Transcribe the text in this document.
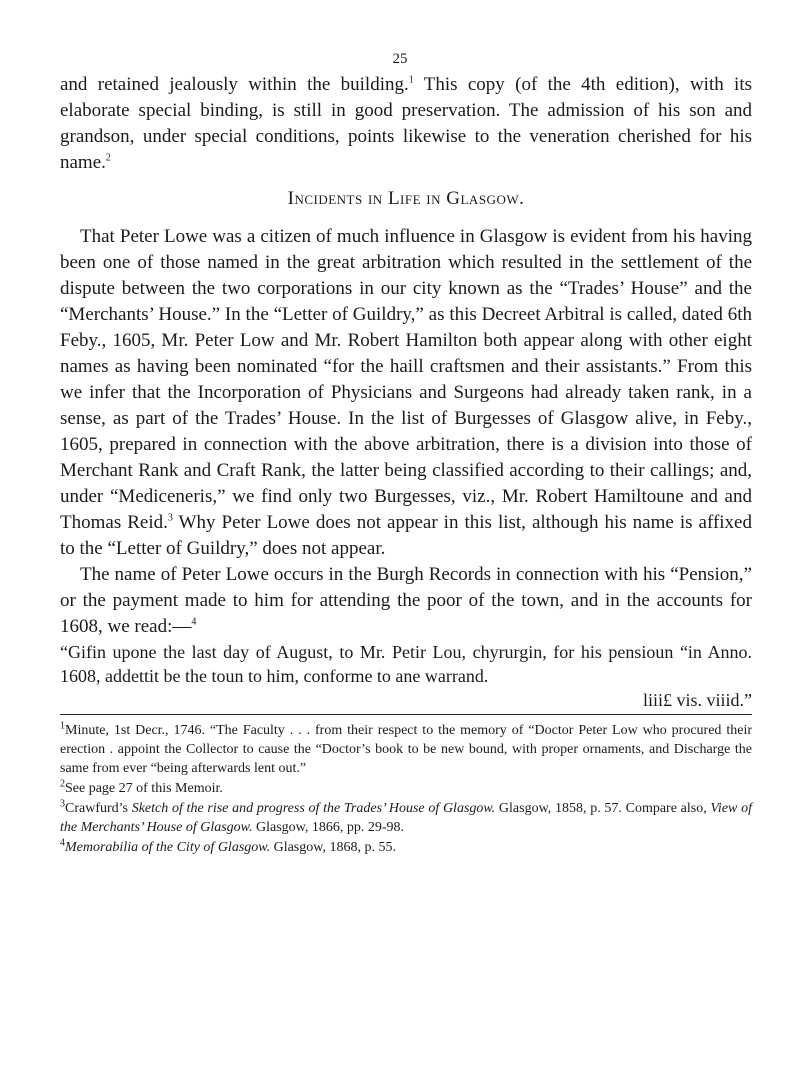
25

and retained jealously within the building.$^1$ This copy (of the 4th edition), with its elaborate special binding, is still in good preservation. The admission of his son and grandson, under special conditions, points likewise to the veneration cherished for his name.$^2$

Incidents in Life in Glasgow.

That Peter Lowe was a citizen of much influence in Glasgow is evident from his having been one of those named in the great arbitration which resulted in the settlement of the dispute between the two corporations in our city known as the “Trades’ House” and the “Merchants’ House.” In the “Letter of Guildry,” as this Decreet Arbitral is called, dated 6th Feby., 1605, Mr. Peter Low and Mr. Robert Hamilton both appear along with other eight names as having been nominated “for the haill craftsmen and their assistants.” From this we infer that the Incorporation of Physicians and Surgeons had already taken rank, in a sense, as part of the Trades’ House. In the list of Burgesses of Glasgow alive, in Feby., 1605, prepared in connection with the above arbitration, there is a division into those of Merchant Rank and Craft Rank, the latter being classified according to their callings; and, under “Mediceneris,” we find only two Burgesses, viz., Mr. Robert Hamiltoune and and Thomas Reid.$^3$ Why Peter Lowe does not appear in this list, although his name is affixed to the “Letter of Guildry,” does not appear.

The name of Peter Lowe occurs in the Burgh Records in connection with his “Pension,” or the payment made to him for attending the poor of the town, and in the accounts for 1608, we read:—$^4$

“Gifin upone the last day of August, to Mr. Petir Lou, chyrurgin, for his pensioun “in Anno. 1608, addettit be the toun to him, conforme to ane warrand.

liii£ vis. viiid.”

$^1$Minute, 1st Decr., 1746. “The Faculty . . . from their respect to the memory of “Doctor Peter Low who procured their erection . appoint the Collector to cause the “Doctor’s book to be new bound, with proper ornaments, and Discharge the same from ever “being afterwards lent out.”

$^2$See page 27 of this Memoir.

$^3$Crawfurd’s Sketch of the rise and progress of the Trades’ House of Glasgow. Glasgow, 1858, p. 57. Compare also, View of the Merchants’ House of Glasgow. Glasgow, 1866, pp. 29-98.

$^4$Memorabilia of the City of Glasgow. Glasgow, 1868, p. 55.
